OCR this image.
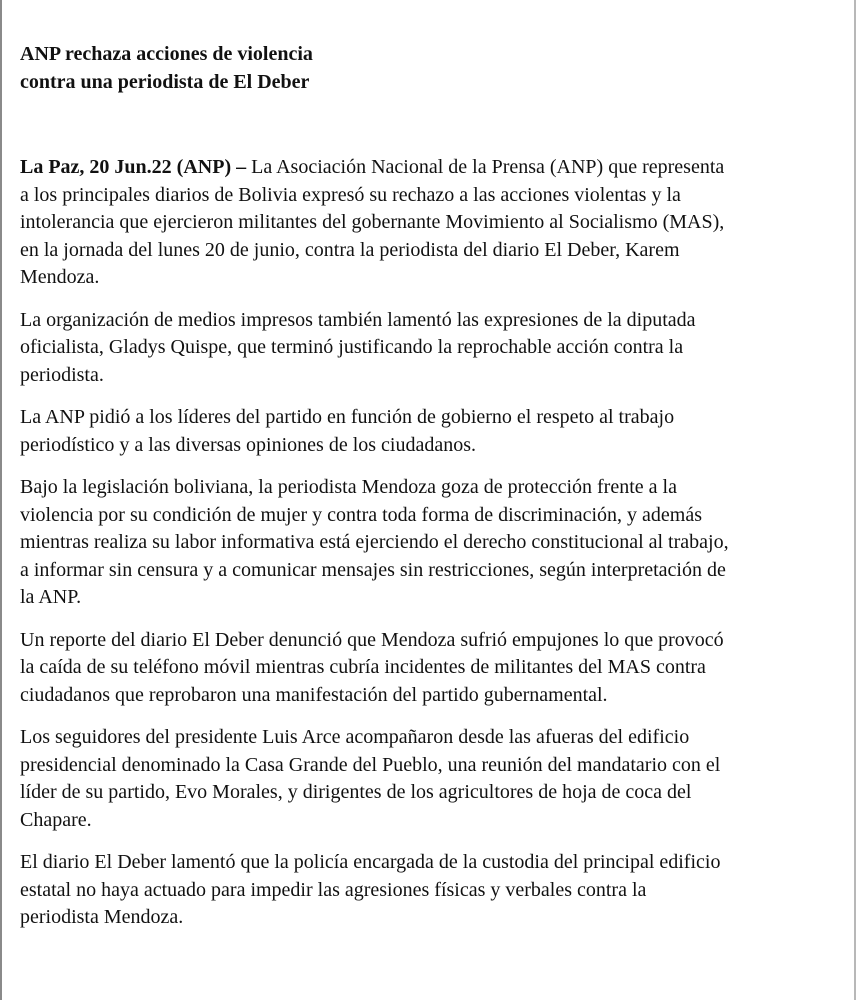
ANP rechaza acciones de violencia
contra una periodista de El Deber

La Paz, 20 Jun.22 (ANP) – La Asociación Nacional de la Prensa (ANP) que representa
a los principales diarios de Bolivia expresó su rechazo a las acciones violentas y la
intolerancia que ejercieron militantes del gobernante Movimiento al Socialismo (MAS),
en la jornada del lunes 20 de junio, contra la periodista del diario El Deber, Karem
Mendoza.

La organización de medios impresos también lamentó las expresiones de la diputada
oficialista, Gladys Quispe, que terminó justificando la reprochable acción contra la
periodista.

La ANP pidió a los líderes del partido en función de gobierno el respeto al trabajo
periodístico y a las diversas opiniones de los ciudadanos.

Bajo la legislación boliviana, la periodista Mendoza goza de protección frente a la
violencia por su condición de mujer y contra toda forma de discriminación, y además
mientras realiza su labor informativa está ejerciendo el derecho constitucional al trabajo,
a informar sin censura y a comunicar mensajes sin restricciones, según interpretación de
la ANP.

Un reporte del diario El Deber denunció que Mendoza sufrió empujones lo que provocó
la caída de su teléfono móvil mientras cubría incidentes de militantes del MAS contra
ciudadanos que reprobaron una manifestación del partido gubernamental.

Los seguidores del presidente Luis Arce acompañaron desde las afueras del edificio
presidencial denominado la Casa Grande del Pueblo, una reunión del mandatario con el
líder de su partido, Evo Morales, y dirigentes de los agricultores de hoja de coca del
Chapare.

El diario El Deber lamentó que la policía encargada de la custodia del principal edificio
estatal no haya actuado para impedir las agresiones físicas y verbales contra la
periodista Mendoza.
